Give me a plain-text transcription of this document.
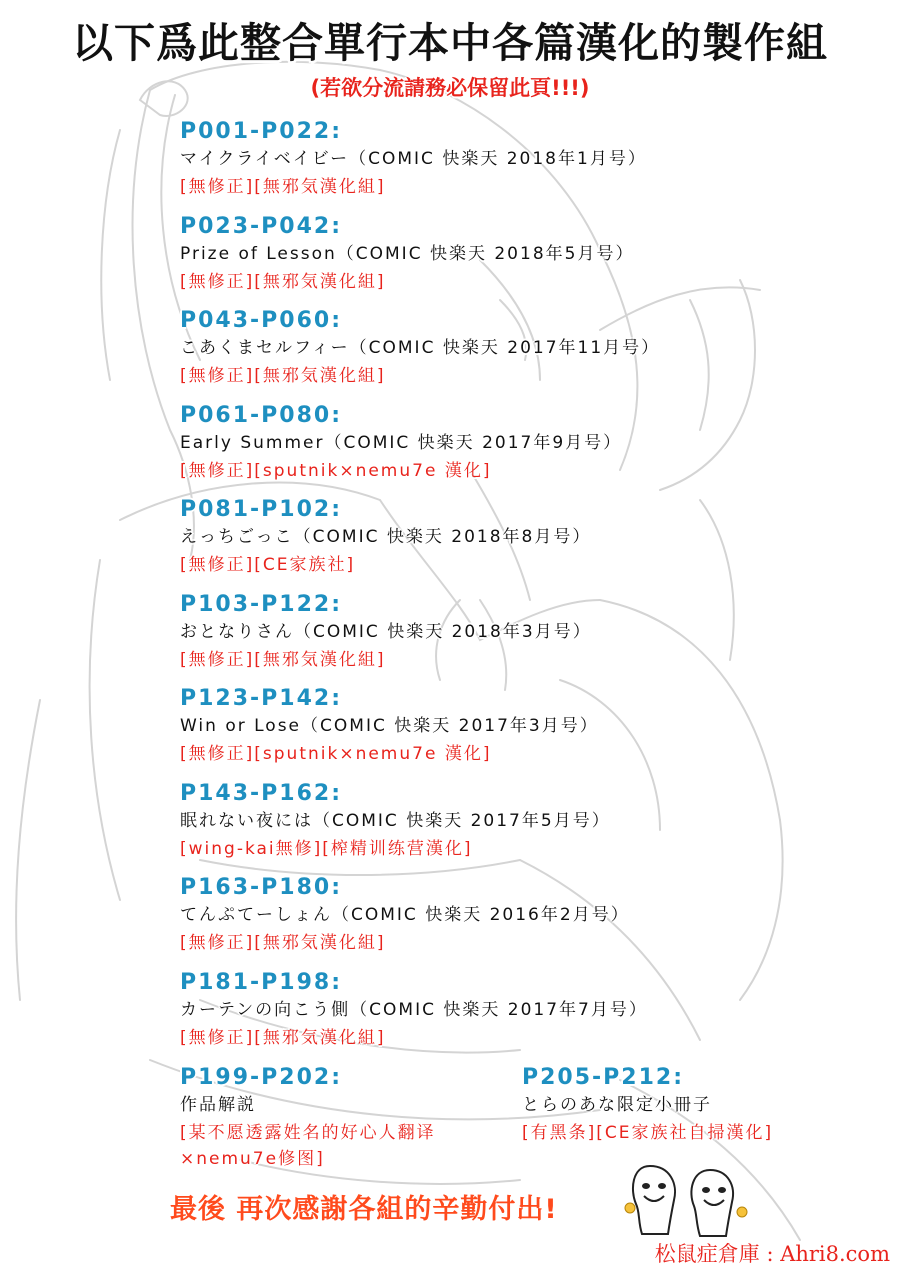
以下爲此整合單行本中各篇漢化的製作組
(若欲分流請務必保留此頁!!!)
P001-P022:
マイクライベイビー（COMIC 快楽天 2018年1月号）
[無修正][無邪気漢化組]
P023-P042:
Prize of Lesson（COMIC 快楽天 2018年5月号）
[無修正][無邪気漢化組]
P043-P060:
こあくまセルフィー（COMIC 快楽天 2017年11月号）
[無修正][無邪気漢化組]
P061-P080:
Early Summer（COMIC 快楽天 2017年9月号）
[無修正][sputnik×nemu7e 漢化]
P081-P102:
えっちごっこ（COMIC 快楽天 2018年8月号）
[無修正][CE家族社]
P103-P122:
おとなりさん（COMIC 快楽天 2018年3月号）
[無修正][無邪気漢化組]
P123-P142:
Win or Lose（COMIC 快楽天 2017年3月号）
[無修正][sputnik×nemu7e 漢化]
P143-P162:
眠れない夜には（COMIC 快楽天 2017年5月号）
[wing-kai無修][榨精训练营漢化]
P163-P180:
てんぷてーしょん（COMIC 快楽天 2016年2月号）
[無修正][無邪気漢化組]
P181-P198:
カーテンの向こう側（COMIC 快楽天 2017年7月号）
[無修正][無邪気漢化組]
P199-P202:
作品解説
[某不愿透露姓名的好心人翻译
×nemu7e修图]
P205-P212:
とらのあな限定小冊子
[有黑条][CE家族社自掃漢化]
最後 再次感謝各組的辛勤付出!
松鼠症倉庫 : Ahri8.com
